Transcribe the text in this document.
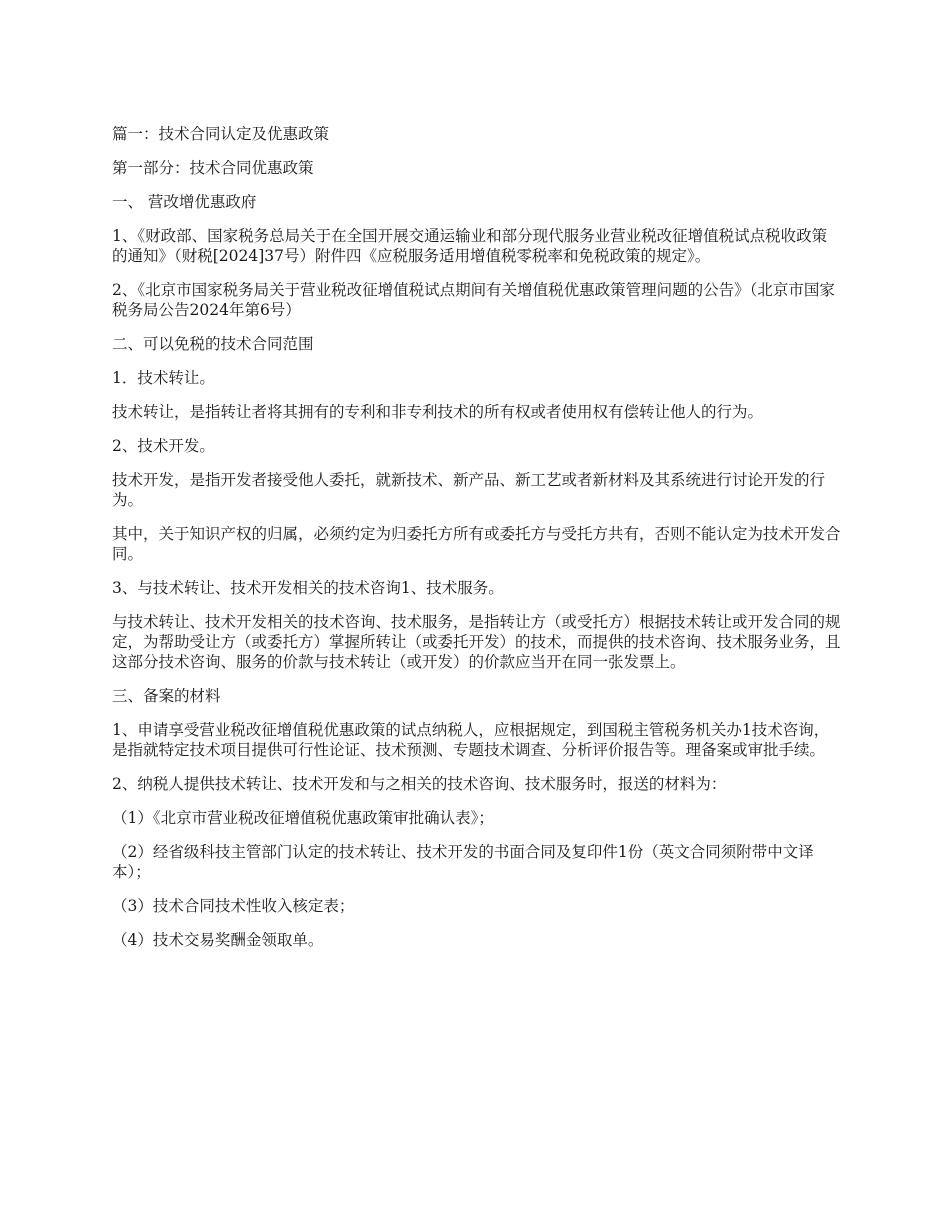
篇一：技术合同认定及优惠政策

第一部分：技术合同优惠政策

一、 营改增优惠政府

1、《财政部、国家税务总局关于在全国开展交通运输业和部分现代服务业营业税改征增值税试点税收政策的通知》（财税[2024]37号）附件四《应税服务适用增值税零税率和免税政策的规定》。

2、《北京市国家税务局关于营业税改征增值税试点期间有关增值税优惠政策管理问题的公告》（北京市国家税务局公告2024年第6号）

二、可以免税的技术合同范围

1．技术转让。

技术转让，是指转让者将其拥有的专利和非专利技术的所有权或者使用权有偿转让他人的行为。

2、技术开发。

技术开发，是指开发者接受他人委托，就新技术、新产品、新工艺或者新材料及其系统进行讨论开发的行为。

其中，关于知识产权的归属，必须约定为归委托方所有或委托方与受托方共有，否则不能认定为技术开发合同。

3、与技术转让、技术开发相关的技术咨询1、技术服务。

与技术转让、技术开发相关的技术咨询、技术服务，是指转让方（或受托方）根据技术转让或开发合同的规定，为帮助受让方（或委托方）掌握所转让（或委托开发）的技术，而提供的技术咨询、技术服务业务，且这部分技术咨询、服务的价款与技术转让（或开发）的价款应当开在同一张发票上。

三、备案的材料

1、申请享受营业税改征增值税优惠政策的试点纳税人，应根据规定，到国税主管税务机关办1技术咨询，是指就特定技术项目提供可行性论证、技术预测、专题技术调查、分析评价报告等。理备案或审批手续。

2、纳税人提供技术转让、技术开发和与之相关的技术咨询、技术服务时，报送的材料为：

（1）《北京市营业税改征增值税优惠政策审批确认表》；

（2）经省级科技主管部门认定的技术转让、技术开发的书面合同及复印件1份（英文合同须附带中文译本）；

（3）技术合同技术性收入核定表；

（4）技术交易奖酬金领取单。
